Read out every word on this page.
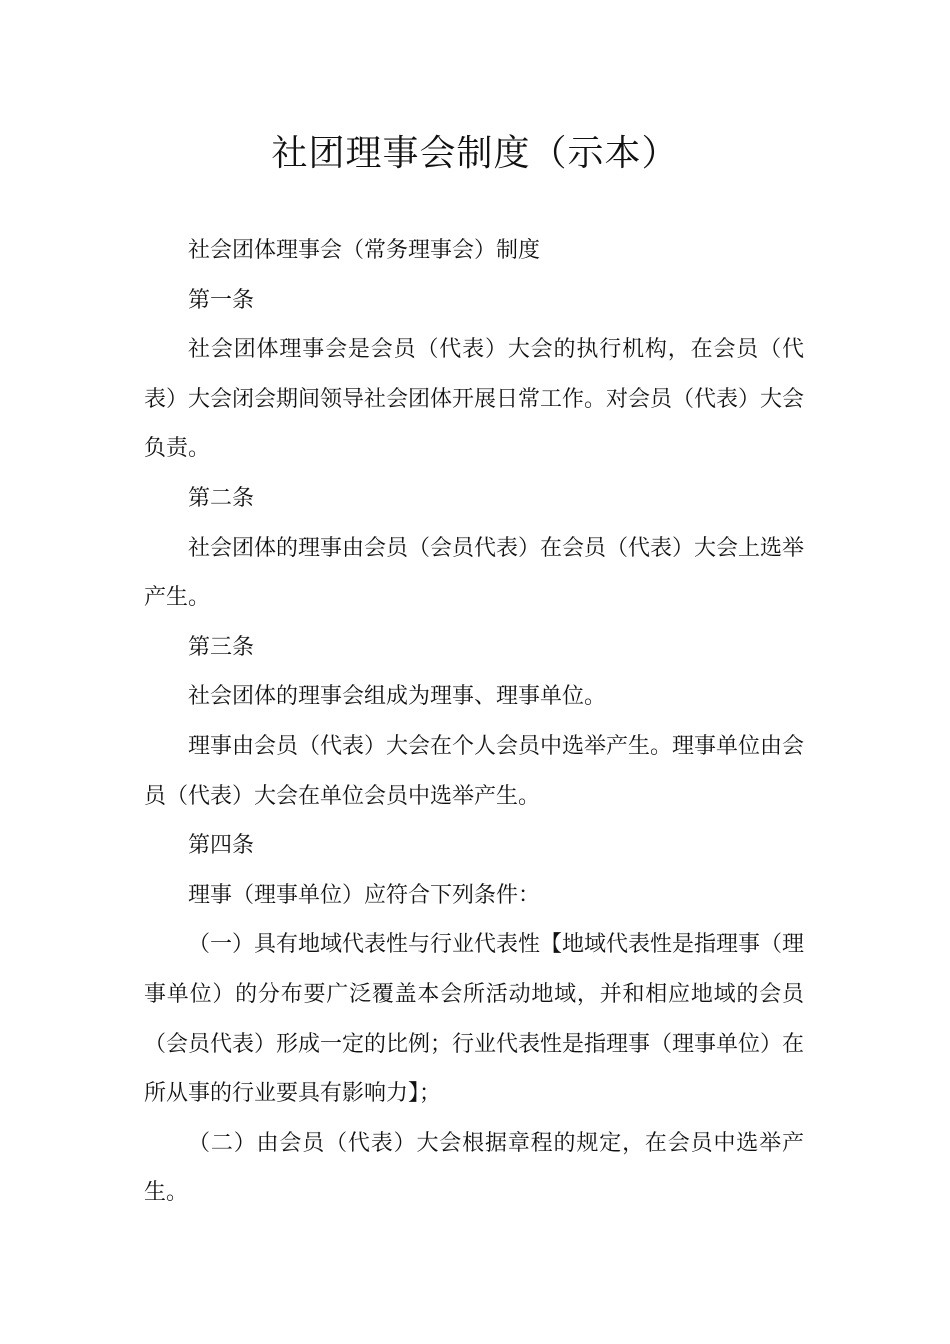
社团理事会制度（示本）

社会团体理事会（常务理事会）制度

第一条

社会团体理事会是会员（代表）大会的执行机构，在会员（代表）大会闭会期间领导社会团体开展日常工作。对会员（代表）大会负责。

第二条

社会团体的理事由会员（会员代表）在会员（代表）大会上选举产生。

第三条

社会团体的理事会组成为理事、理事单位。

理事由会员（代表）大会在个人会员中选举产生。理事单位由会员（代表）大会在单位会员中选举产生。

第四条

理事（理事单位）应符合下列条件：

（一）具有地域代表性与行业代表性【地域代表性是指理事（理事单位）的分布要广泛覆盖本会所活动地域，并和相应地域的会员（会员代表）形成一定的比例；行业代表性是指理事（理事单位）在所从事的行业要具有影响力】；

（二）由会员（代表）大会根据章程的规定，在会员中选举产生。
